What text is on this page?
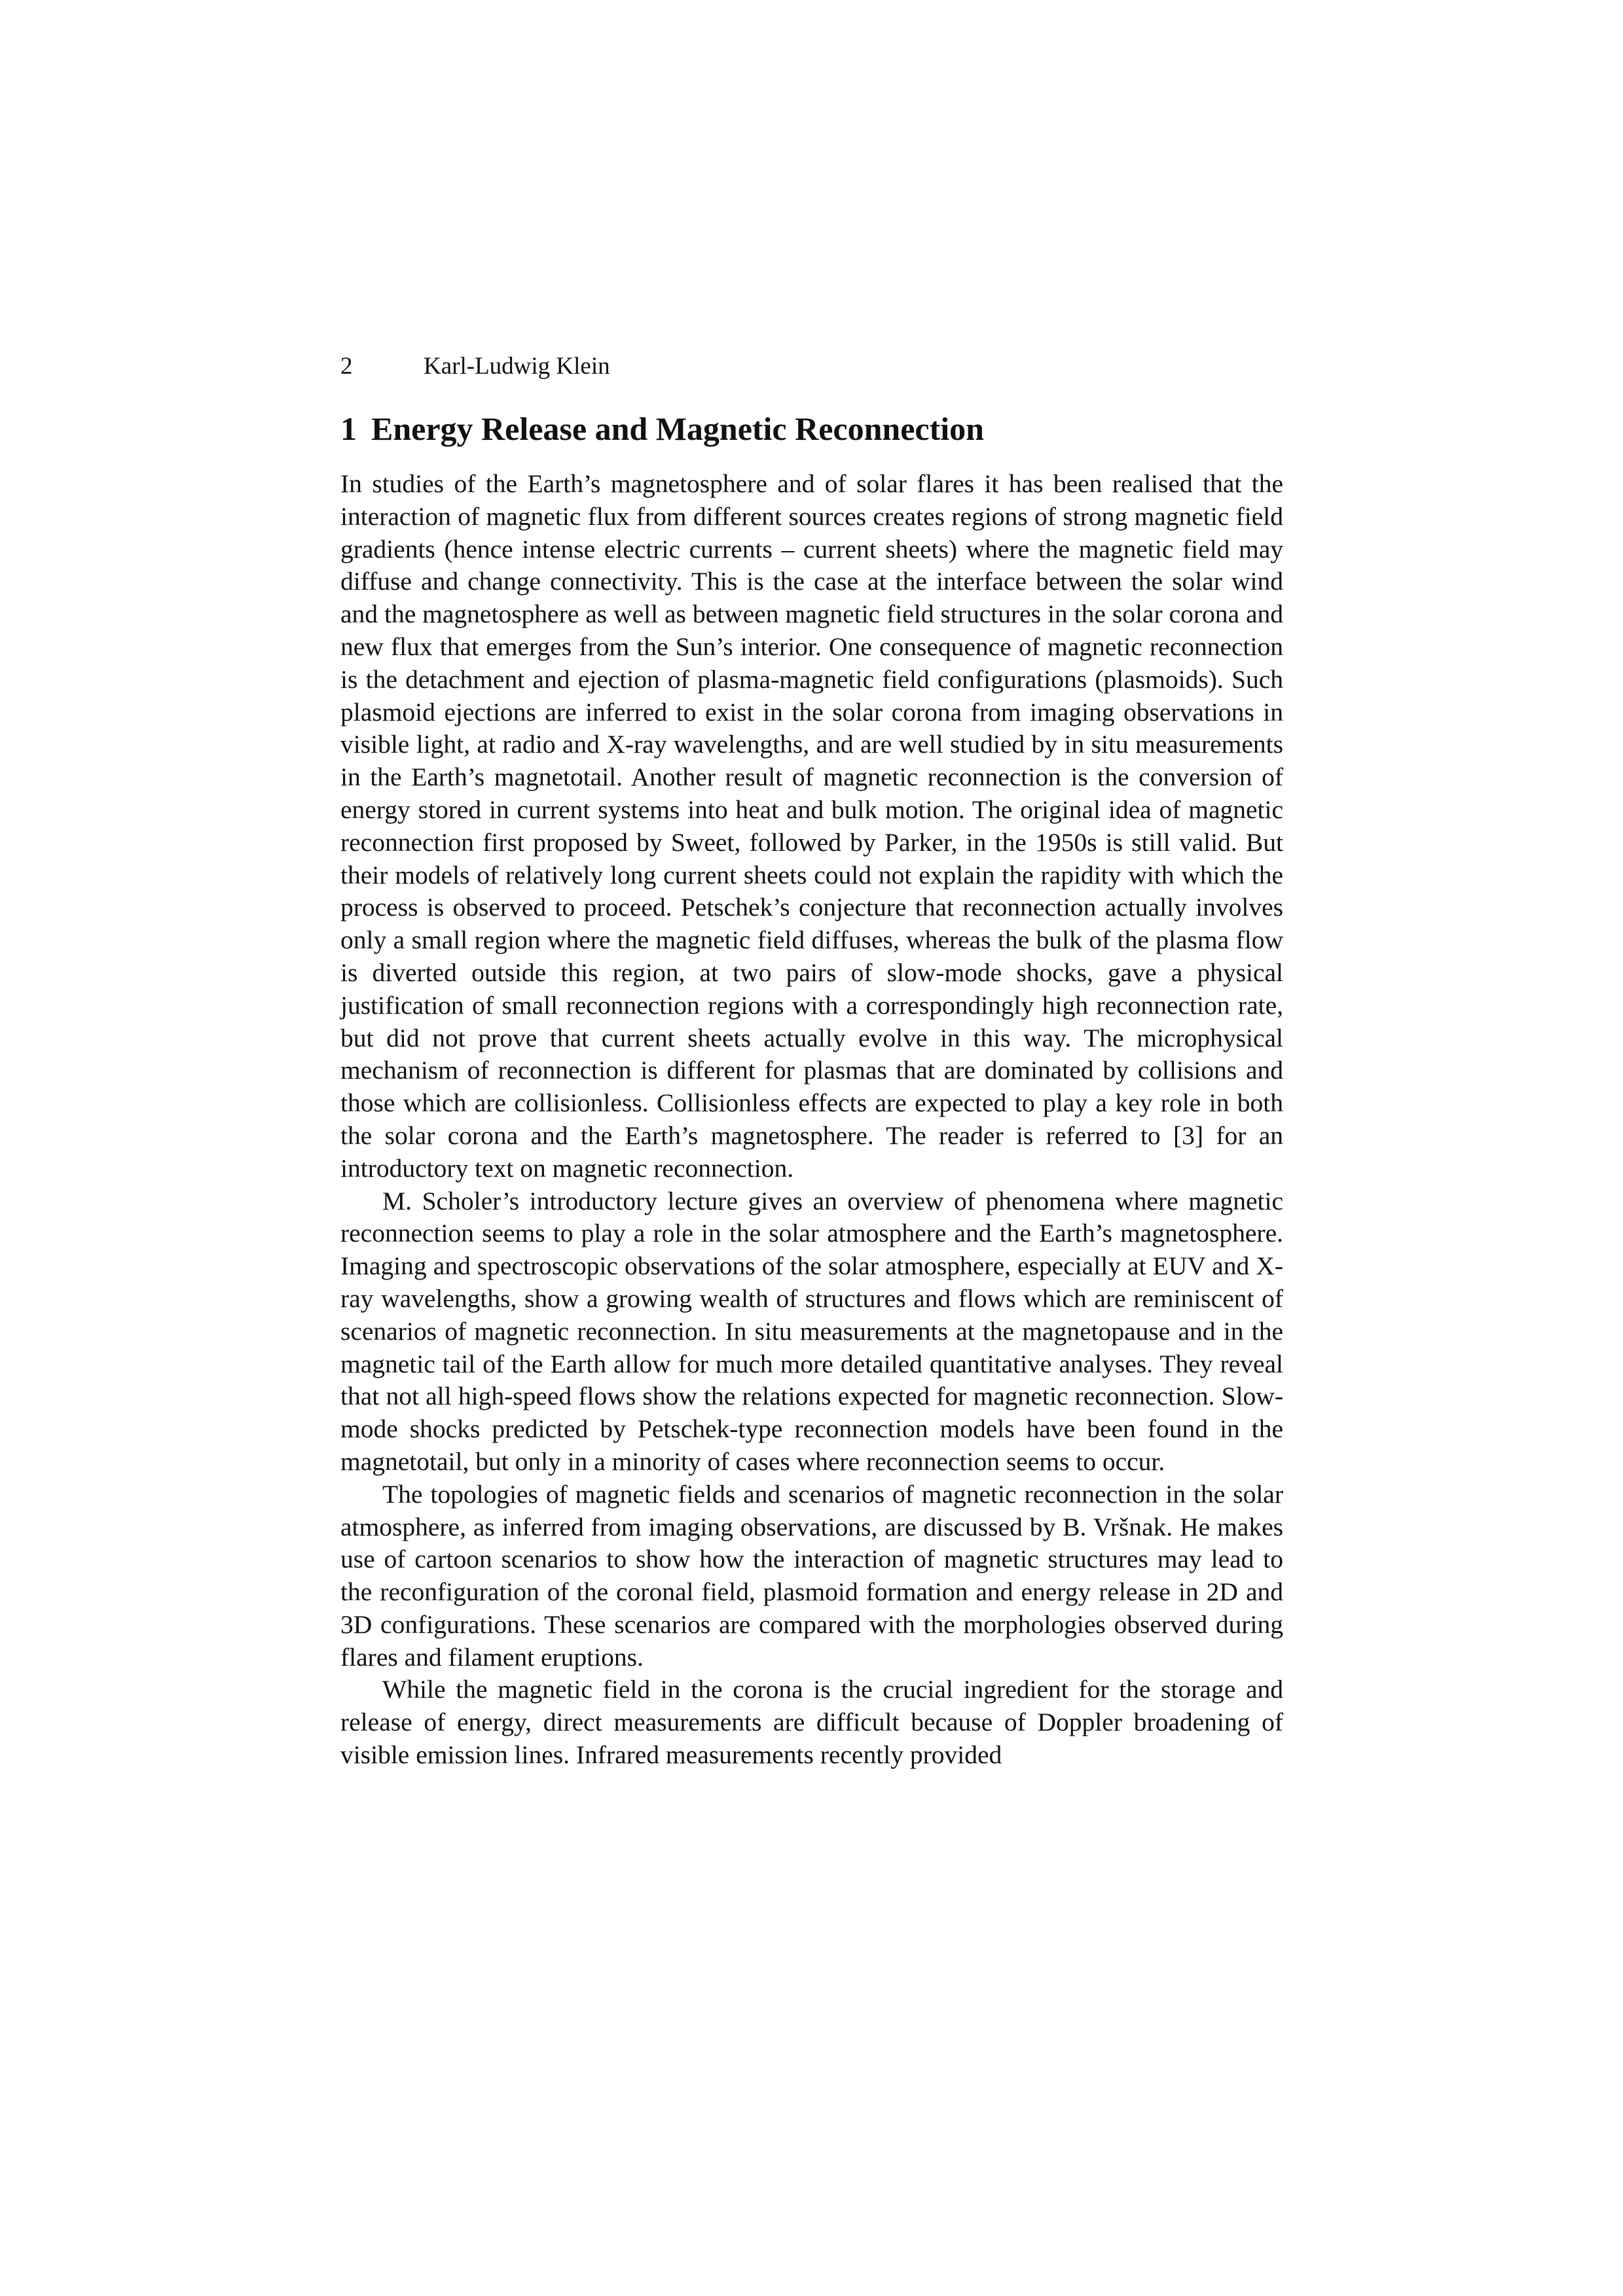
2	Karl-Ludwig Klein
1 Energy Release and Magnetic Reconnection

In studies of the Earth’s magnetosphere and of solar flares it has been realised that the interaction of magnetic flux from different sources creates regions of strong magnetic field gradients (hence intense electric currents – current sheets) where the magnetic field may diffuse and change connectivity. This is the case at the interface between the solar wind and the magnetosphere as well as between magnetic field structures in the solar corona and new flux that emerges from the Sun’s interior. One consequence of magnetic reconnection is the detachment and ejection of plasma-magnetic field configurations (plasmoids). Such plasmoid ejections are inferred to exist in the solar corona from imaging observations in visible light, at radio and X-ray wavelengths, and are well studied by in situ measurements in the Earth’s magnetotail. Another result of magnetic reconnection is the conversion of energy stored in current systems into heat and bulk motion. The original idea of magnetic reconnection first proposed by Sweet, followed by Parker, in the 1950s is still valid. But their models of relatively long current sheets could not explain the rapidity with which the process is observed to proceed. Petschek’s conjecture that reconnection actually involves only a small region where the magnetic field diffuses, whereas the bulk of the plasma flow is diverted outside this region, at two pairs of slow-mode shocks, gave a physical justification of small reconnection regions with a correspondingly high reconnection rate, but did not prove that current sheets actually evolve in this way. The microphysical mechanism of reconnection is different for plasmas that are dominated by collisions and those which are collisionless. Collisionless effects are expected to play a key role in both the solar corona and the Earth’s magnetosphere. The reader is referred to [3] for an introductory text on magnetic reconnection.

M. Scholer’s introductory lecture gives an overview of phenomena where magnetic reconnection seems to play a role in the solar atmosphere and the Earth’s magnetosphere. Imaging and spectroscopic observations of the solar atmosphere, especially at EUV and X-ray wavelengths, show a growing wealth of structures and flows which are reminiscent of scenarios of magnetic reconnection. In situ measurements at the magnetopause and in the magnetic tail of the Earth allow for much more detailed quantitative analyses. They reveal that not all high-speed flows show the relations expected for magnetic reconnection. Slow-mode shocks predicted by Petschek-type reconnection models have been found in the magnetotail, but only in a minority of cases where reconnection seems to occur.

The topologies of magnetic fields and scenarios of magnetic reconnection in the solar atmosphere, as inferred from imaging observations, are discussed by B. Vršnak. He makes use of cartoon scenarios to show how the interaction of magnetic structures may lead to the reconfiguration of the coronal field, plasmoid formation and energy release in 2D and 3D configurations. These scenarios are compared with the morphologies observed during flares and filament eruptions.

While the magnetic field in the corona is the crucial ingredient for the storage and release of energy, direct measurements are difficult because of Doppler broadening of visible emission lines. Infrared measurements recently provided
